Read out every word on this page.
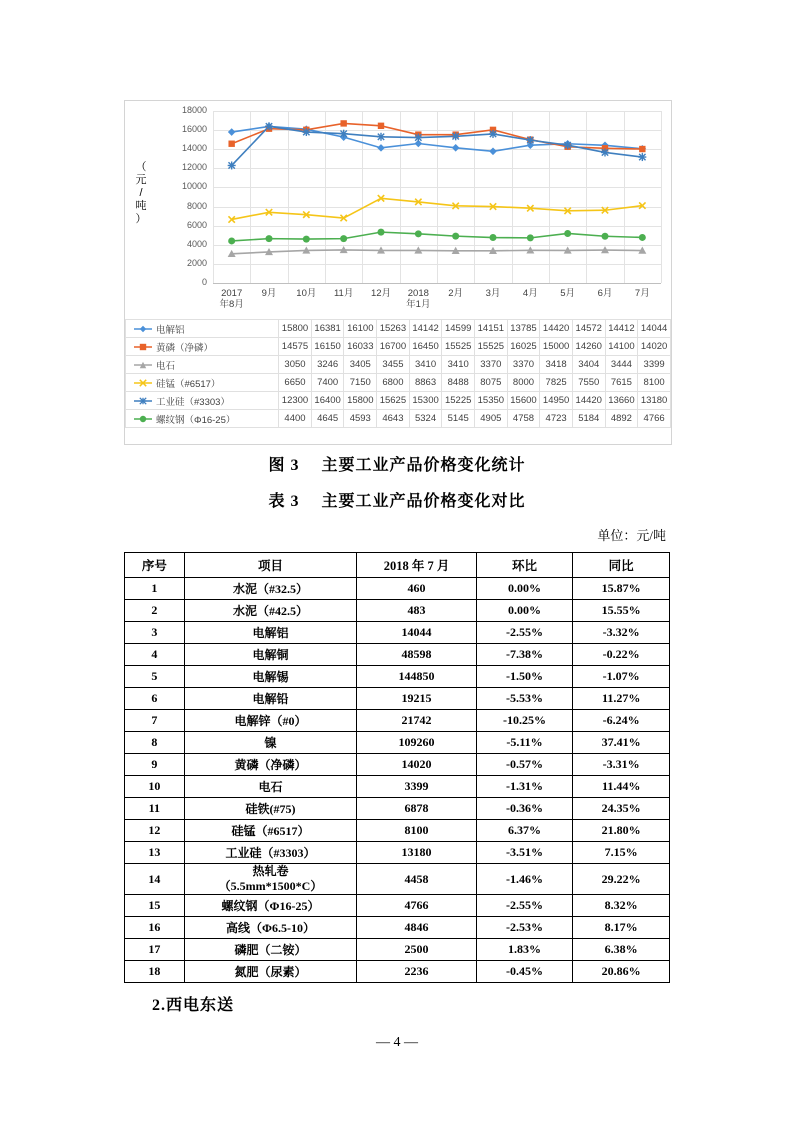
（
元
/
吨
）
0
2000
4000
6000
8000
10000
12000
14000
16000
18000
2017
年8月
9月	10月	11月	12月	2018
年1月
2月	3月	4月	5月	6月	7月
电解铝	15800	16381	16100	15263	14142	14599	14151	13785	14420	14572	14412	14044

黄磷（净磷）	14575	16150	16033	16700	16450	15525	15525	16025	15000	14260	14100	14020

电石	3050	3246	3405	3455	3410	3410	3370	3370	3418	3404	3444	3399

硅锰（#6517）	6650	7400	7150	6800	8863	8488	8075	8000	7825	7550	7615	8100

工业硅（#3303）	12300	16400	15800	15625	15300	15225	15350	15600	14950	14420	13660	13180

螺纹钢（Φ16-25）	4400	4645	4593	4643	5324	5145	4905	4758	4723	5184	4892	4766
图 3　 主要工业产品价格变化统计
表 3　 主要工业产品价格变化对比
单位：元/吨
序号	项目	2018 年 7 月	环比	同比
1	水泥（#32.5）	460	0.00%	15.87%
2	水泥（#42.5）	483	0.00%	15.55%
3	电解铝	14044	-2.55%	-3.32%
4	电解铜	48598	-7.38%	-0.22%
5	电解锡	144850	-1.50%	-1.07%
6	电解铅	19215	-5.53%	11.27%
7	电解锌（#0）	21742	-10.25%	-6.24%
8	镍	109260	-5.11%	37.41%
9	黄磷（净磷）	14020	-0.57%	-3.31%
10	电石	3399	-1.31%	11.44%
11	硅铁(#75)	6878	-0.36%	24.35%
12	硅锰（#6517）	8100	6.37%	21.80%
13	工业硅（#3303）	13180	-3.51%	7.15%
14	热轧卷
（5.5mm*1500*C）	4458	-1.46%	29.22%
15	螺纹钢（Φ16-25）	4766	-2.55%	8.32%
16	高线（Φ6.5-10）	4846	-2.53%	8.17%
17	磷肥（二铵）	2500	1.83%	6.38%
18	氮肥（尿素）	2236	-0.45%	20.86%
2.西电东送
— 4 —
